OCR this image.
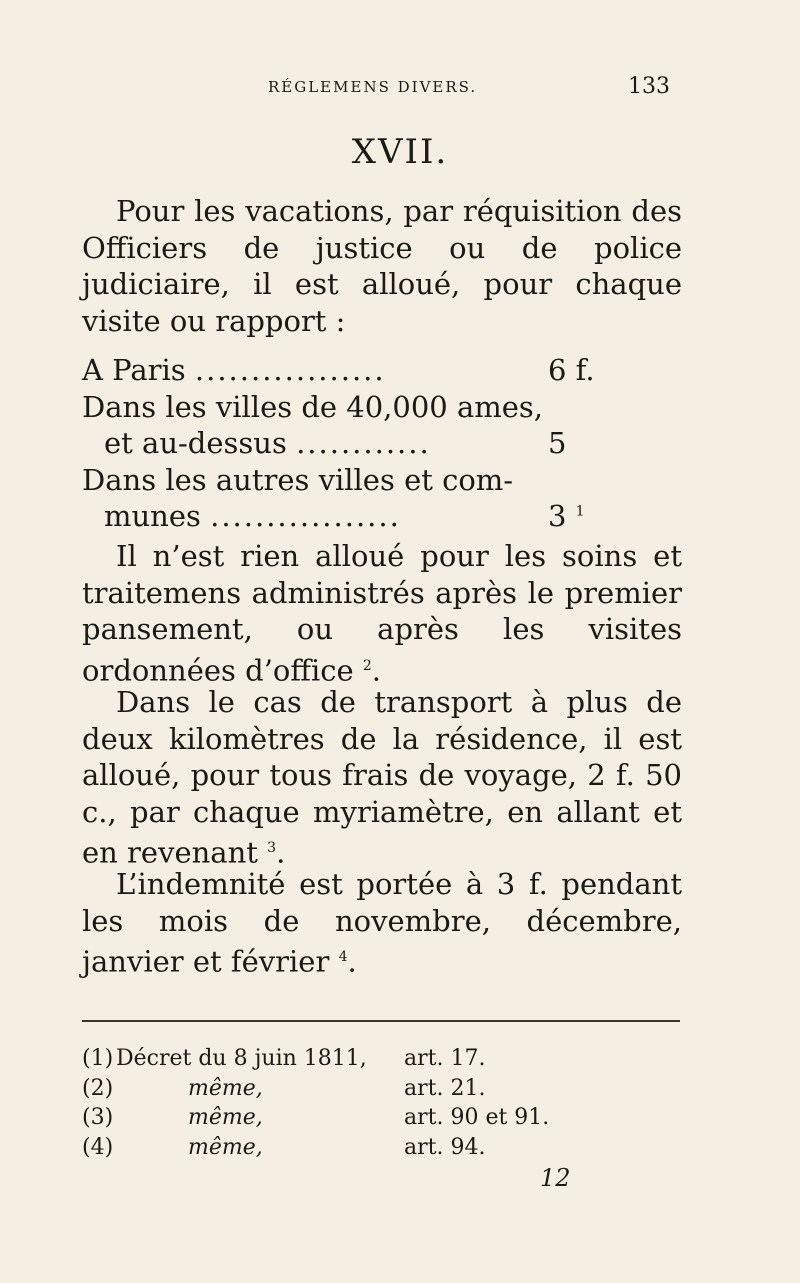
RÉGLEMENS DIVERS.	133
XVII.

Pour les vacations, par réquisition des Officiers de justice ou de police judiciaire, il est alloué, pour chaque visite ou rapport :

A Paris .................	6 f.
Dans les villes de 40,000 ames,
et au-dessus ............	5
Dans les autres villes et com-
munes .................	3 $^1$

Il n’est rien alloué pour les soins et traitemens administrés après le premier pansement, ou après les visites ordonnées d’office $^2$.

Dans le cas de transport à plus de deux kilomètres de la résidence, il est alloué, pour tous frais de voyage, 2 f. 50 c., par chaque myriamètre, en allant et en revenant $^3$.

L’indemnité est portée à 3 f. pendant les mois de novembre, décembre, janvier et février $^4$.

(1) Décret du 8 juin 1811, art. 17.
(2)	même,	art. 21.
(3)	même,	art. 90 et 91.
(4)	même,	art. 94.
12
